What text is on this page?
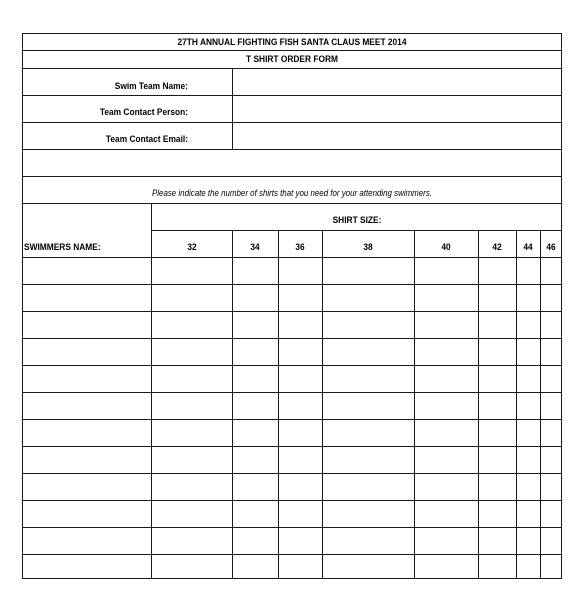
27TH ANNUAL FIGHTING FISH SANTA CLAUS MEET 2014
T SHIRT ORDER FORM
Swim Team Name:
Team Contact Person:
Team Contact Email:
Please indicate the number of shirts that you need for your attending swimmers.
SHIRT SIZE:
SWIMMERS NAME:	32	34	36	38	40	42	44	46
